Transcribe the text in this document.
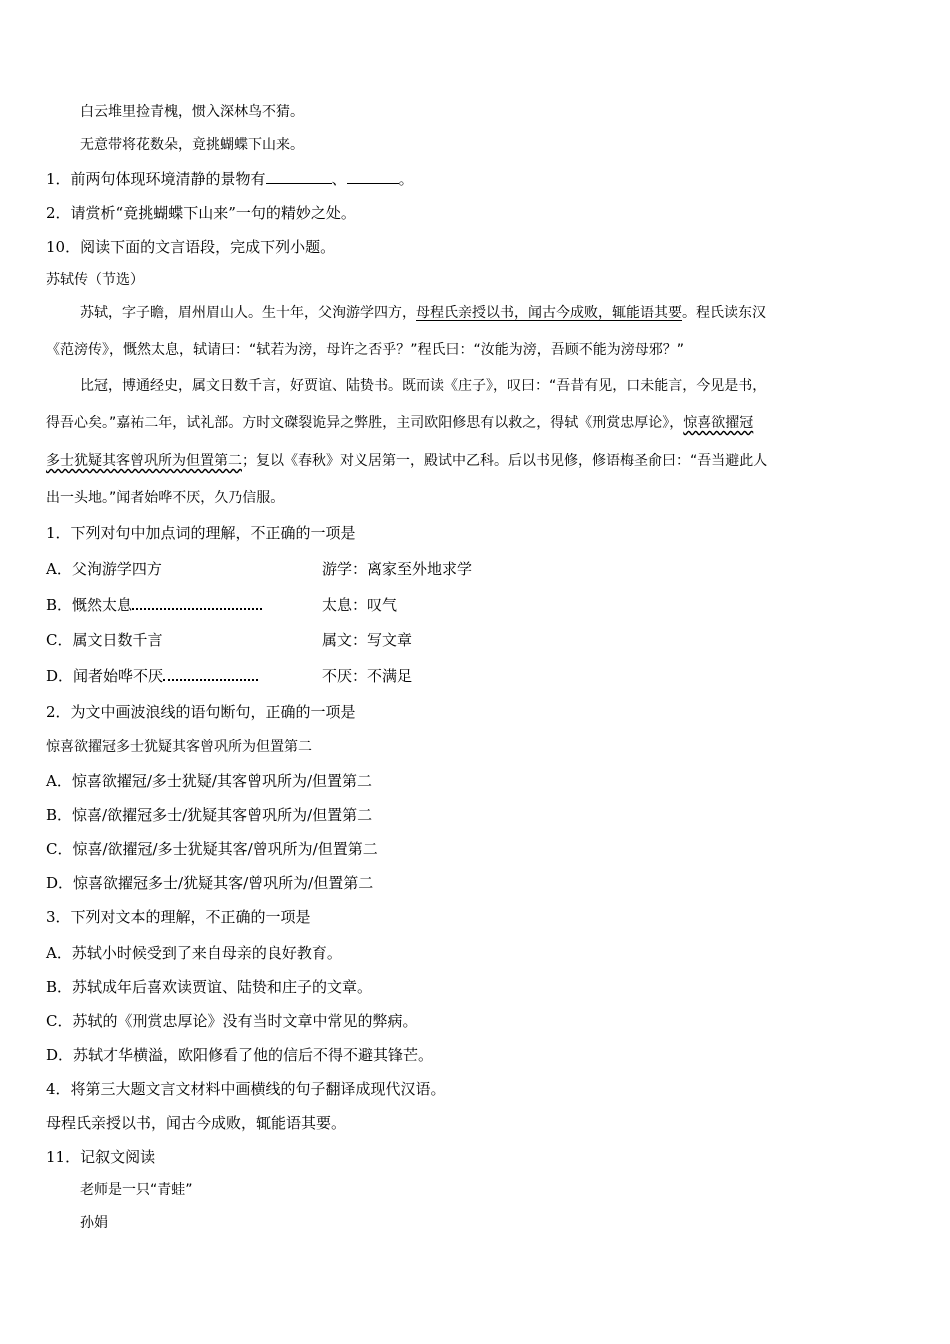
白云堆里捡青槐，惯入深林鸟不猜。
无意带将花数朵，竟挑蝴蝶下山来。
1．前两句体现环境清静的景物有	、	。
2．请赏析“竟挑蝴蝶下山来”一句的精妙之处。
10．阅读下面的文言语段，完成下列小题。
苏轼传（节选）
苏轼，字子瞻，眉州眉山人。生十年，父洵游学四方，母程氏亲授以书，闻古今成败，辄能语其要。程氏读东汉
《范滂传》，慨然太息，轼请曰：“轼若为滂，母许之否乎？”程氏曰：“汝能为滂，吾顾不能为滂母邪？”
比冠，博通经史，属文日数千言，好贾谊、陆贽书。既而读《庄子》，叹曰：“吾昔有见，口未能言，今见是书，
得吾心矣。”嘉祐二年，试礼部。方时文磔裂诡异之弊胜，主司欧阳修思有以救之，得轼《刑赏忠厚论》，惊喜欲擢冠
多士犹疑其客曾巩所为但置第二；复以《春秋》对义居第一，殿试中乙科。后以书见修，修语梅圣俞曰：“吾当避此人
出一头地。”闻者始哗不厌，久乃信服。
1．下列对句中加点词的理解，不正确的一项是
A．父洵游学四方	游学：离家至外地求学
B．慨然太息	太息：叹气
C．属文日数千言	属文：写文章
D．闻者始哗不厌	不厌：不满足
2．为文中画波浪线的语句断句，正确的一项是
惊喜欲擢冠多士犹疑其客曾巩所为但置第二
A．惊喜欲擢冠/多士犹疑/其客曾巩所为/但置第二
B．惊喜/欲擢冠多士/犹疑其客曾巩所为/但置第二
C．惊喜/欲擢冠/多士犹疑其客/曾巩所为/但置第二
D．惊喜欲擢冠多士/犹疑其客/曾巩所为/但置第二
3．下列对文本的理解，不正确的一项是
A．苏轼小时候受到了来自母亲的良好教育。
B．苏轼成年后喜欢读贾谊、陆贽和庄子的文章。
C．苏轼的《刑赏忠厚论》没有当时文章中常见的弊病。
D．苏轼才华横溢，欧阳修看了他的信后不得不避其锋芒。
4．将第三大题文言文材料中画横线的句子翻译成现代汉语。
母程氏亲授以书，闻古今成败，辄能语其要。
11．记叙文阅读
老师是一只“青蛙”
孙娟
